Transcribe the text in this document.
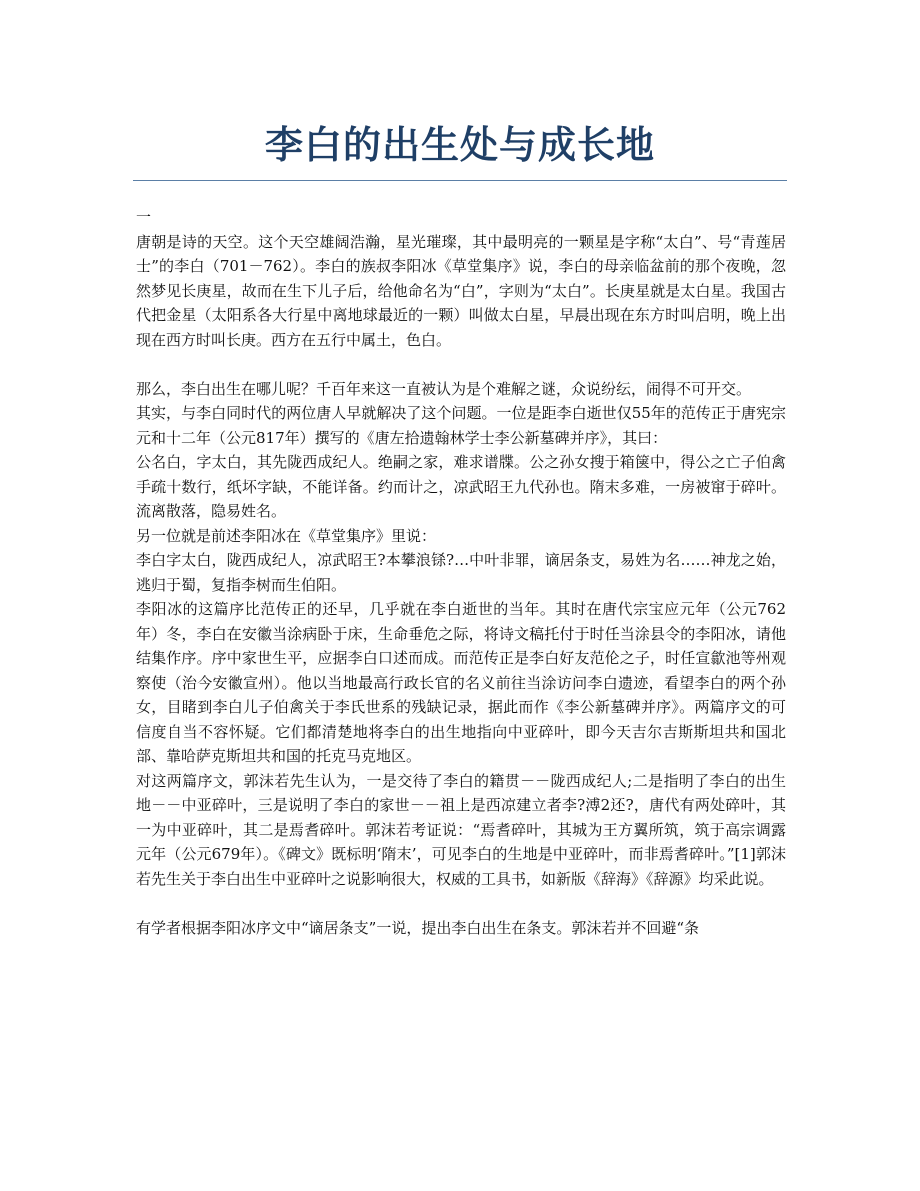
李白的出生处与成长地

一

唐朝是诗的天空。这个天空雄阔浩瀚，星光璀璨，其中最明亮的一颗星是字称“太白”、号“青莲居士”的李白（701－762）。李白的族叔李阳冰《草堂集序》说，李白的母亲临盆前的那个夜晚，忽然梦见长庚星，故而在生下儿子后，给他命名为“白”，字则为“太白”。长庚星就是太白星。我国古代把金星（太阳系各大行星中离地球最近的一颗）叫做太白星，早晨出现在东方时叫启明，晚上出现在西方时叫长庚。西方在五行中属土，色白。

那么，李白出生在哪儿呢？千百年来这一直被认为是个难解之谜，众说纷纭，闹得不可开交。

其实，与李白同时代的两位唐人早就解决了这个问题。一位是距李白逝世仅55年的范传正于唐宪宗元和十二年（公元817年）撰写的《唐左拾遗翰林学士李公新墓碑并序》，其曰：

公名白，字太白，其先陇西成纪人。绝嗣之家，难求谱牒。公之孙女搜于箱箧中，得公之亡子伯禽手疏十数行，纸坏字缺，不能详备。约而计之，凉武昭王九代孙也。隋末多难，一房被窜于碎叶。流离散落，隐易姓名。

另一位就是前述李阳冰在《草堂集序》里说：

李白字太白，陇西成纪人，凉武昭王?本攀浪铩?…中叶非罪，谪居条支，易姓为名……神龙之始，逃归于蜀，复指李树而生伯阳。

李阳冰的这篇序比范传正的还早，几乎就在李白逝世的当年。其时在唐代宗宝应元年（公元762年）冬，李白在安徽当涂病卧于床，生命垂危之际，将诗文稿托付于时任当涂县令的李阳冰，请他结集作序。序中家世生平，应据李白口述而成。而范传正是李白好友范伦之子，时任宣歙池等州观察使（治今安徽宣州）。他以当地最高行政长官的名义前往当涂访问李白遗迹，看望李白的两个孙女，目睹到李白儿子伯禽关于李氏世系的残缺记录，据此而作《李公新墓碑并序》。两篇序文的可信度自当不容怀疑。它们都清楚地将李白的出生地指向中亚碎叶，即今天吉尔吉斯斯坦共和国北部、靠哈萨克斯坦共和国的托克马克地区。

对这两篇序文，郭沫若先生认为，一是交待了李白的籍贯－－陇西成纪人;二是指明了李白的出生地－－中亚碎叶，三是说明了李白的家世－－祖上是西凉建立者李?溥2还?，唐代有两处碎叶，其一为中亚碎叶，其二是焉耆碎叶。郭沫若考证说：“焉耆碎叶，其城为王方翼所筑，筑于高宗调露元年（公元679年）。《碑文》既标明‘隋末’，可见李白的生地是中亚碎叶，而非焉耆碎叶。”[1]郭沫若先生关于李白出生中亚碎叶之说影响很大，权威的工具书，如新版《辞海》《辞源》均采此说。

有学者根据李阳冰序文中“谪居条支”一说，提出李白出生在条支。郭沫若并不回避“条
